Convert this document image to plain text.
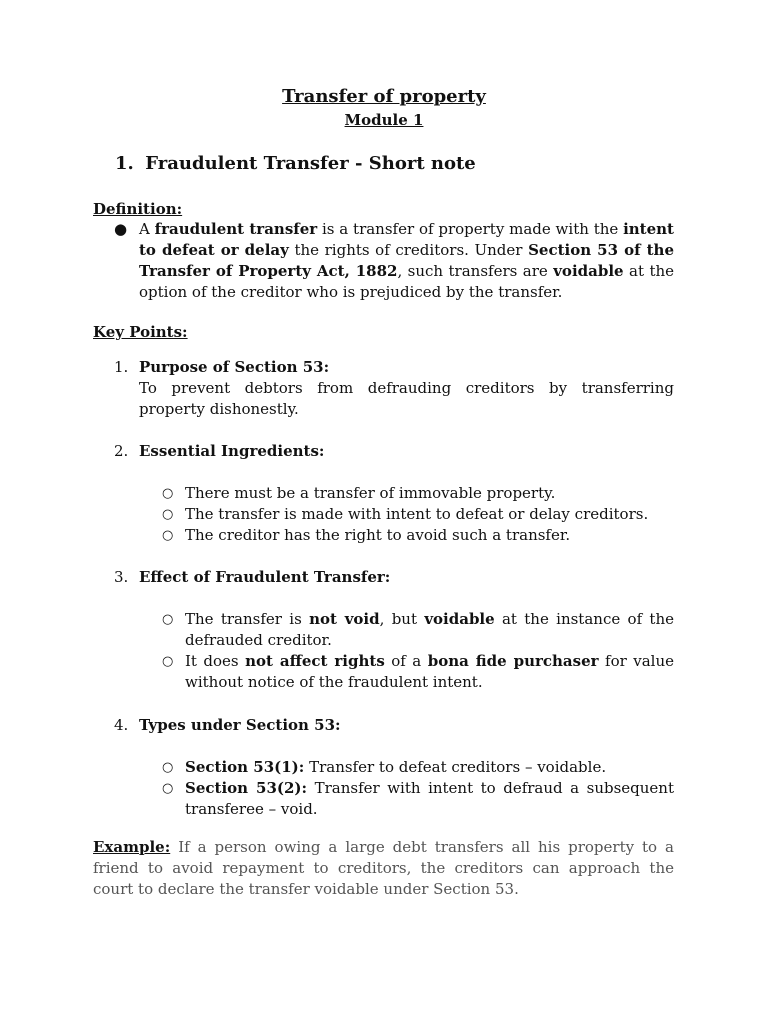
Transfer of property
Module 1
1. Fraudulent Transfer - Short note

Definition:

● A fraudulent transfer is a transfer of property made with the intent to defeat or delay the rights of creditors. Under Section 53 of the Transfer of Property Act, 1882, such transfers are voidable at the option of the creditor who is prejudiced by the transfer.

Key Points:

1. Purpose of Section 53:

To prevent debtors from defrauding creditors by transferring property dishonestly.

2. Essential Ingredients:

○ There must be a transfer of immovable property.

○ The transfer is made with intent to defeat or delay creditors.

○ The creditor has the right to avoid such a transfer.

3. Effect of Fraudulent Transfer:

○ The transfer is not void, but voidable at the instance of the defrauded creditor.

○ It does not affect rights of a bona fide purchaser for value without notice of the fraudulent intent.

4. Types under Section 53:

○ Section 53(1): Transfer to defeat creditors – voidable.

○ Section 53(2): Transfer with intent to defraud a subsequent transferee – void.

Example: If a person owing a large debt transfers all his property to a friend to avoid repayment to creditors, the creditors can approach the court to declare the transfer voidable under Section 53.
